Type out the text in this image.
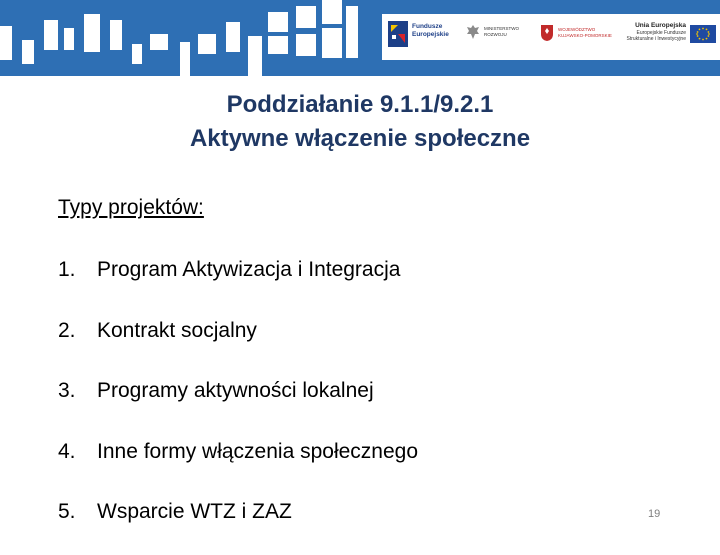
Fundusze
Europejskie
MINISTERSTWO
ROZWOJU
WOJEWÓDZTWO
KUJAWSKO-POMORSKIE
Unia Europejska
Europejskie Fundusze
Strukturalne i Inwestycyjne
Poddziałanie 9.1.1/9.2.1
Aktywne włączenie społeczne
Typy projektów:
1. Program Aktywizacja i Integracja
2. Kontrakt socjalny
3. Programy aktywności lokalnej
4. Inne formy włączenia społecznego
5. Wsparcie WTZ i ZAZ	19
